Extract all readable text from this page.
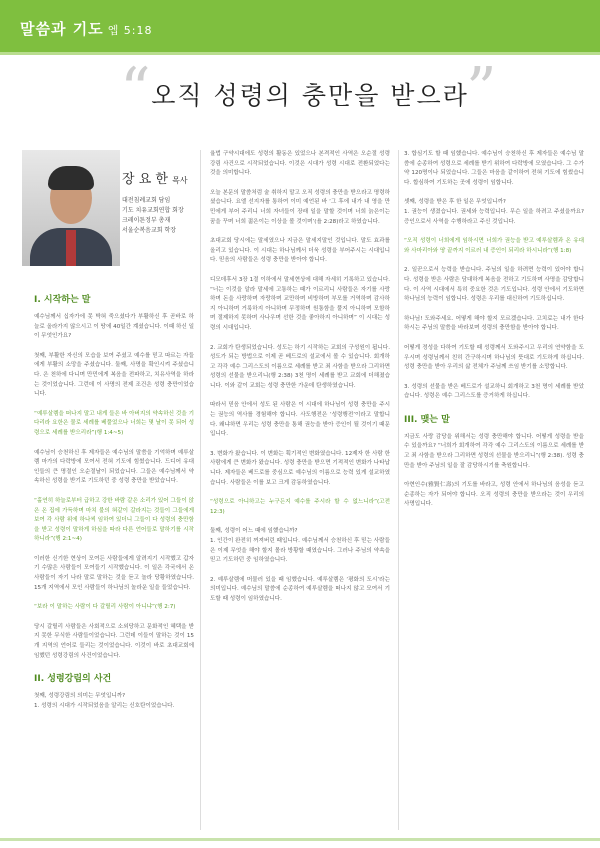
말씀과 기도 엡 5:18
“ 오직 성령의 충만을 받으라
”
장 요 한 목사
대전침례교회 담임
기도 치유교회연합 회장
크레이튼정부 총재
서울순복음교회 학장
I. 시작하는 말
예수님께서 십자가에 못 박혀 죽으셨다가 부활하신 후 곧바로 하늘로 올라가지 않으시고 이 땅에 40일간 계셨습니다. 이때 하신 일이 무엇인가요?
첫째, 부활한 자신의 모습을 보여 주셨고 예수를 믿고 따르는 자들에게 부활의 소망을 주셨습니다. 둘째, 사명을 확인시켜 주셨습니다. 은 천하에 다니며 만민에게 복음을 전파하고, 치유사역을 하라는 것이었습니다. 그런데 이 사명의 전제 조건은 성령 충만이었습니다.
“예루살렘을 떠나지 말고 내게 들은 바 아버지의 약속하신 것을 기다리라 요한은 물로 세례를 베풀었으나 너희는 몇 날이 못 되어 성령으로 세례를 받으리라”(행 1:4~5)
예수님이 승천하신 후 제자들은 예수님의 말씀을 기억하며 예루살렘 마가의 다락방에 모여서 전혀 기도에 힘썼습니다. 드디어 유대인들의 큰 명절인 오순절날이 되었습니다. 그들은 예수님께서 약속하신 성령을 받기로 기도하던 중 성령 충만을 받았습니다.
“홀연히 하늘로부터 급하고 강한 바람 같은 소리가 있어 그들이 앉은 온 집에 가득하며 마치 불의 혀같이 갈라지는 것들이 그들에게 보여 각 사람 위에 하나씩 임하여 있더니 그들이 다 성령의 충만함을 받고 성령이 말하게 하심을 따라 다른 언어들로 말하기를 시작하니라”(행 2:1~4)
이러한 신기한 현상이 모여든 사람들에게 알려지기 시작했고 갑자기 수많은 사람들이 모여들기 시작했습니다. 이 일은 각국에서 온 사람들이 자기 나라 말로 말하는 것을 듣고 놀라 당황하였습니다. 15개 지역에서 모인 사람들이 하나님의 놀라운 일을 들었습니다.
“보라 이 말하는 사람이 다 갈릴리 사람이 아니냐”(행 2:7)
당시 갈릴리 사람들은 사회적으로 소외당하고 문화적인 혜택을 받지 못한 무식한 사람들이었습니다. 그런데 이들이 말하는 것이 15개 지역의 언어로 들리는 것이었습니다. 이것이 바로 초대교회에 임했던 성령강림의 사건이었습니다.
II. 성령강림의 사건
첫째, 성령강림의 의미는 무엇입니까?
1. 성령의 시대가 시작되었음을 알리는 신호탄이었습니다.
율법 구약시대에도 성령의 활동은 있었으나 본격적인 사역은 오순절 성령강림 사건으로 시작되었습니다. 이것은 시대가 성령 시대로 전환되었다는 것을 의미합니다.
오늘 본문의 말씀처럼 술 취하지 말고 오직 성령의 충만을 받으라고 명령하셨습니다. 요엘 선지자를 통하여 이미 예언된 바 ‘그 후에 내가 내 영을 만민에게 부어 주리니 너희 자녀들이 장래 일을 말할 것이며 너희 늙은이는 꿈을 꾸며 너희 젊은이는 이상을 볼 것이며’(욜 2:28)라고 하였습니다.
초대교회 당시에는 말세였으나 지금은 말세지말인 것입니다. 말도 효과를 올리고 있습니다. 이 시대는 하나님께서 더욱 성령을 부어주시는 시대입니다. 믿음의 사람들은 성령 충만을 받아야 합니다.
디모데후서 3장 1절 이하에서 말세현상에 대해 자세히 기록하고 있습니다. “너는 이것을 알라 말세에 고통하는 때가 이르리니 사람들은 자기를 사랑하며 돈을 사랑하며 자랑하며 교만하며 비방하며 부모를 거역하며 감사하지 아니하며 거룩하지 아니하며 무정하며 원통함을 풀지 아니하며 모함하며 절제하지 못하며 사나우며 선한 것을 좋아하지 아니하며” 이 시대는 성령의 시대입니다.
2. 교회가 탄생되었습니다. 성도는 하기 시작하는 교회의 구성원이 됩니다. 성도가 되는 방법으로 이제 곧 베드로의 설교에서 볼 수 있습니다. 회개하고 각각 예수 그리스도의 이름으로 세례를 받고 죄 사함을 받으라 그리하면 성령의 선물을 받으리니(행 2:38) 3천 명이 세례를 받고 교회에 더해졌습니다. 이와 같이 교회는 성령 충만한 가운데 탄생하였습니다.
따라서 믿음 안에서 성도 된 사람은 이 시대에 하나님이 성령 충만을 주시는 권능의 역사를 경험해야 합니다. 사도행전은 ‘성령행전’이라고 말합니다. 왜냐하면 우리는 성령 충만을 통해 권능을 받아 증인이 될 것이기 때문입니다.
3. 변화가 왔습니다. 이 변화는 획기적인 변화였습니다. 12제자 한 사람 한 사람에게 큰 변화가 왔습니다. 성령 충만을 받으면 기적적인 변화가 나타납니다. 제자들은 베드로를 중심으로 예수님의 이름으로 능력 있게 설교하였습니다. 사람들은 이를 보고 크게 감동하였습니다.
“성령으로 아니하고는 누구든지 예수를 주시라 할 수 없느니라”(고전 12:3)
둘째, 성령이 어느 때에 임했습니까?
1. 인간이 완전히 꺼져버린 때입니다. 예수님께서 승천하신 후 믿는 사람들은 이제 무엇을 해야 할지 몰라 방황할 때였습니다. 그러나 주님의 약속을 믿고 기도하던 중 임하였습니다.
2. 예루살렘에 머물러 있을 때 임했습니다. 예루살렘은 ‘평화의 도시’라는 의미입니다. 예수님의 말씀에 순종하여 예루살렘을 떠나지 않고 모여서 기도할 때 성령이 임하였습니다.
3. 합심기도 할 때 임했습니다. 예수님이 승천하신 후 제자들은 예수님 말씀에 순종하여 성령으로 세례를 받기 위하여 다락방에 모였습니다. 그 수가 약 120명이나 되었습니다. 그들은 마음을 같이하여 전혀 기도에 힘썼습니다. 합심하여 기도하는 곳에 성령이 임합니다.
셋째, 성령을 받은 후 한 일은 무엇입니까?
1. 권능이 생겼습니다. 권세와 능력입니다. 무슨 일을 하려고 주셨을까요? 증인으로서 사역을 수행하라고 주신 것입니다.
“오직 성령이 너희에게 임하시면 너희가 권능을 받고 예루살렘과 온 유대와 사마리아와 땅 끝까지 이르러 내 증인이 되리라 하시니라”(행 1:8)
2. 일꾼으로서 능력을 받습니다. 주님의 일을 하려면 능력이 있어야 합니다. 성령을 받은 사람은 담대하게 복음을 전하고 기도하며 사명을 감당합니다. 이 사역 시대에서 특히 중요한 것은 기도입니다. 성령 안에서 기도하면 하나님의 능력이 임합니다. 성령은 우리를 대신하여 기도하십니다.
하나님! 도와주세요. 어떻게 해야 할지 모르겠습니다. 고치료는 내가 한다 하시는 주님의 말씀을 바라보며 성령의 충만함을 받아야 합니다.
어떻게 정성을 다하여 기도할 때 성령께서 도와주시고 우리의 연약함을 도우시며 성령님께서 친히 간구하시며 하나님의 뜻대로 기도하게 하십니다. 성령 충만을 받아 우리의 삶 전체가 주님께 쓰임 받기를 소망합니다.
3. 성령의 선물을 받은 베드로가 설교하니 회개하고 3천 명이 세례를 받았습니다. 성령은 예수 그리스도를 증거하게 하십니다.
III. 맺는 말
지금도 사랑 감당을 위해서는 성령 충만해야 합니다. 어떻게 성령을 받을 수 있을까요? “너희가 회개하여 각각 예수 그리스도의 이름으로 세례를 받고 죄 사함을 받으라 그리하면 성령의 선물을 받으리니”(행 2:38). 성령 충만을 받아 주님의 일을 잘 감당하시기를 축원합니다.
아현인수(雅賢仁壽)의 기도를 바라고, 성령 안에서 하나님의 음성을 듣고 순종하는 자가 되어야 합니다. 오직 성령의 충만을 받으라는 것이 우리의 사명입니다.
